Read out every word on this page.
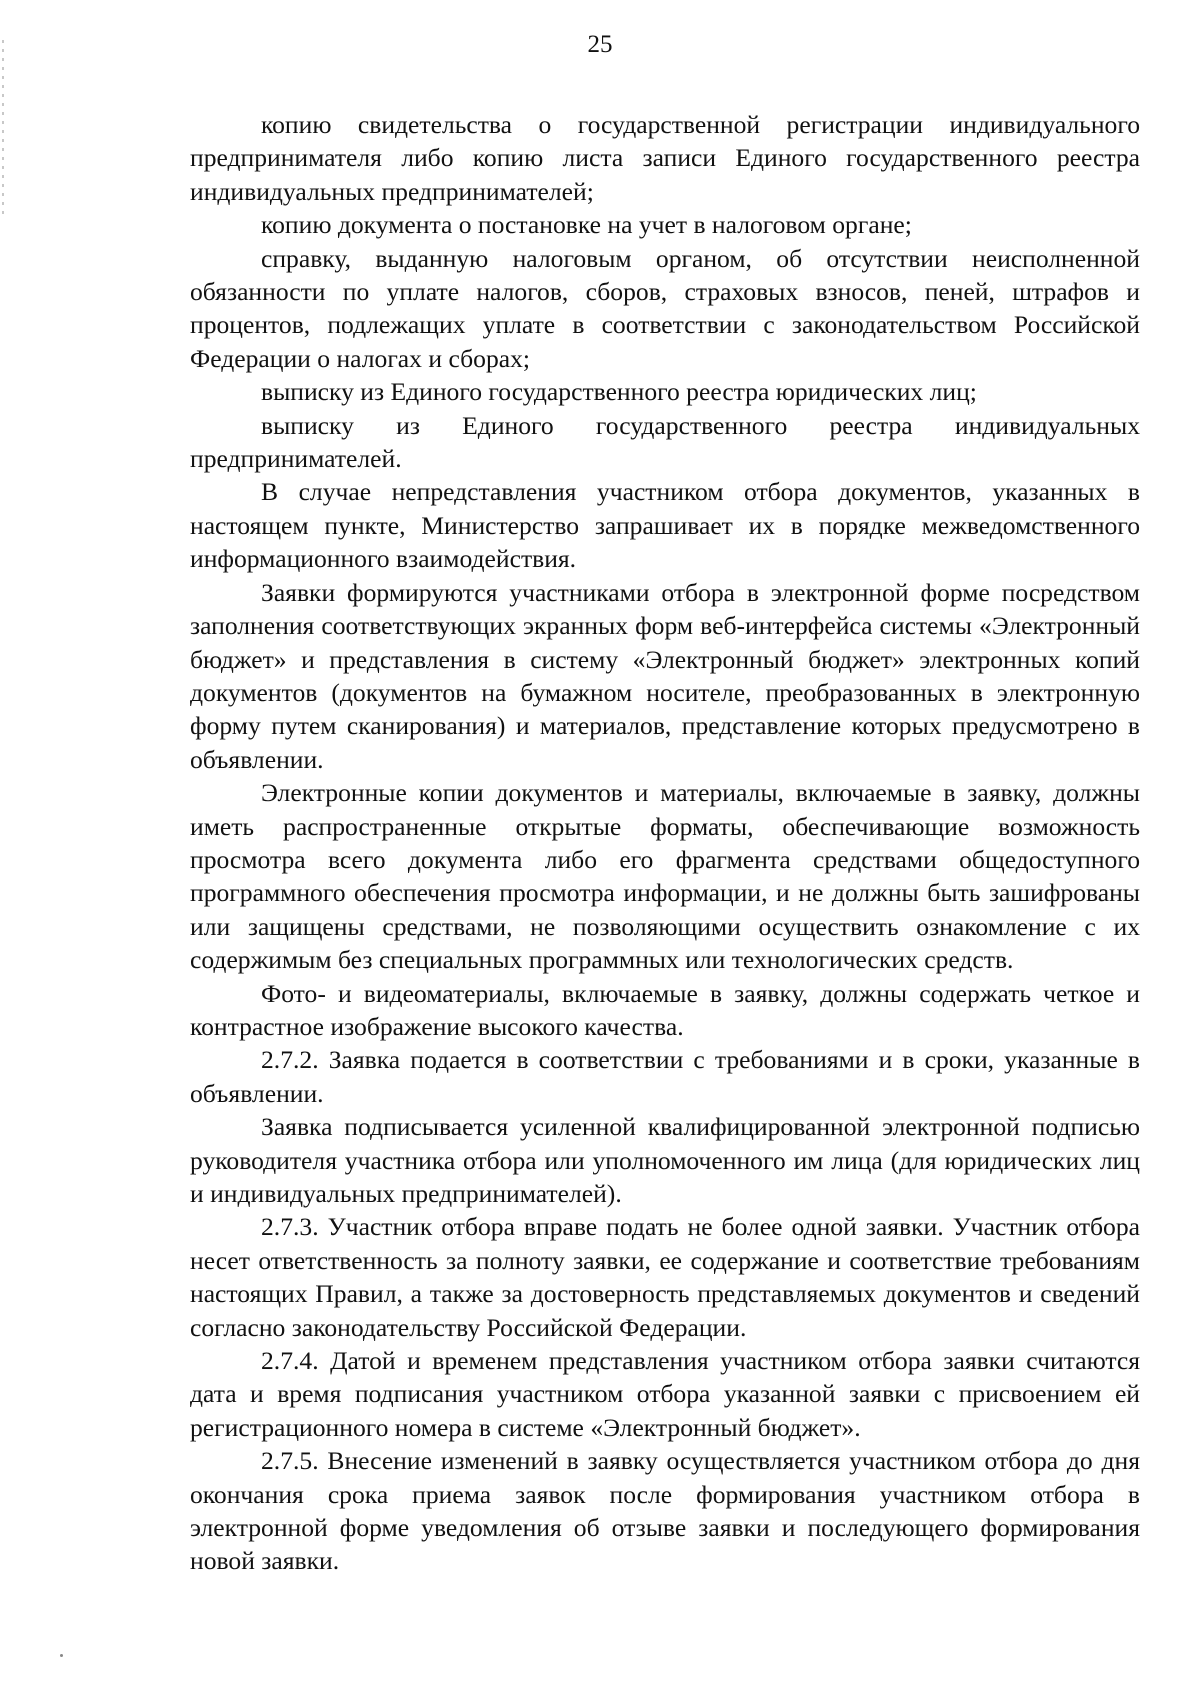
25

копию свидетельства о государственной регистрации индивидуального предпринимателя либо копию листа записи Единого государственного реестра индивидуальных предпринимателей;

копию документа о постановке на учет в налоговом органе;

справку, выданную налоговым органом, об отсутствии неисполненной обязанности по уплате налогов, сборов, страховых взносов, пеней, штрафов и процентов, подлежащих уплате в соответствии с законодательством Российской Федерации о налогах и сборах;

выписку из Единого государственного реестра юридических лиц;

выписку из Единого государственного реестра индивидуальных предпринимателей.

В случае непредставления участником отбора документов, указанных в настоящем пункте, Министерство запрашивает их в порядке межведомственного информационного взаимодействия.

Заявки формируются участниками отбора в электронной форме посредством заполнения соответствующих экранных форм веб-интерфейса системы «Электронный бюджет» и представления в систему «Электронный бюджет» электронных копий документов (документов на бумажном носителе, преобразованных в электронную форму путем сканирования) и материалов, представление которых предусмотрено в объявлении.

Электронные копии документов и материалы, включаемые в заявку, должны иметь распространенные открытые форматы, обеспечивающие возможность просмотра всего документа либо его фрагмента средствами общедоступного программного обеспечения просмотра информации, и не должны быть зашифрованы или защищены средствами, не позволяющими осуществить ознакомление с их содержимым без специальных программных или технологических средств.

Фото- и видеоматериалы, включаемые в заявку, должны содержать четкое и контрастное изображение высокого качества.

2.7.2. Заявка подается в соответствии с требованиями и в сроки, указанные в объявлении.

Заявка подписывается усиленной квалифицированной электронной подписью руководителя участника отбора или уполномоченного им лица (для юридических лиц и индивидуальных предпринимателей).

2.7.3. Участник отбора вправе подать не более одной заявки. Участник отбора несет ответственность за полноту заявки, ее содержание и соответствие требованиям настоящих Правил, а также за достоверность представляемых документов и сведений согласно законодательству Российской Федерации.

2.7.4. Датой и временем представления участником отбора заявки считаются дата и время подписания участником отбора указанной заявки с присвоением ей регистрационного номера в системе «Электронный бюджет».

2.7.5. Внесение изменений в заявку осуществляется участником отбора до дня окончания срока приема заявок после формирования участником отбора в электронной форме уведомления об отзыве заявки и последующего формирования новой заявки.
